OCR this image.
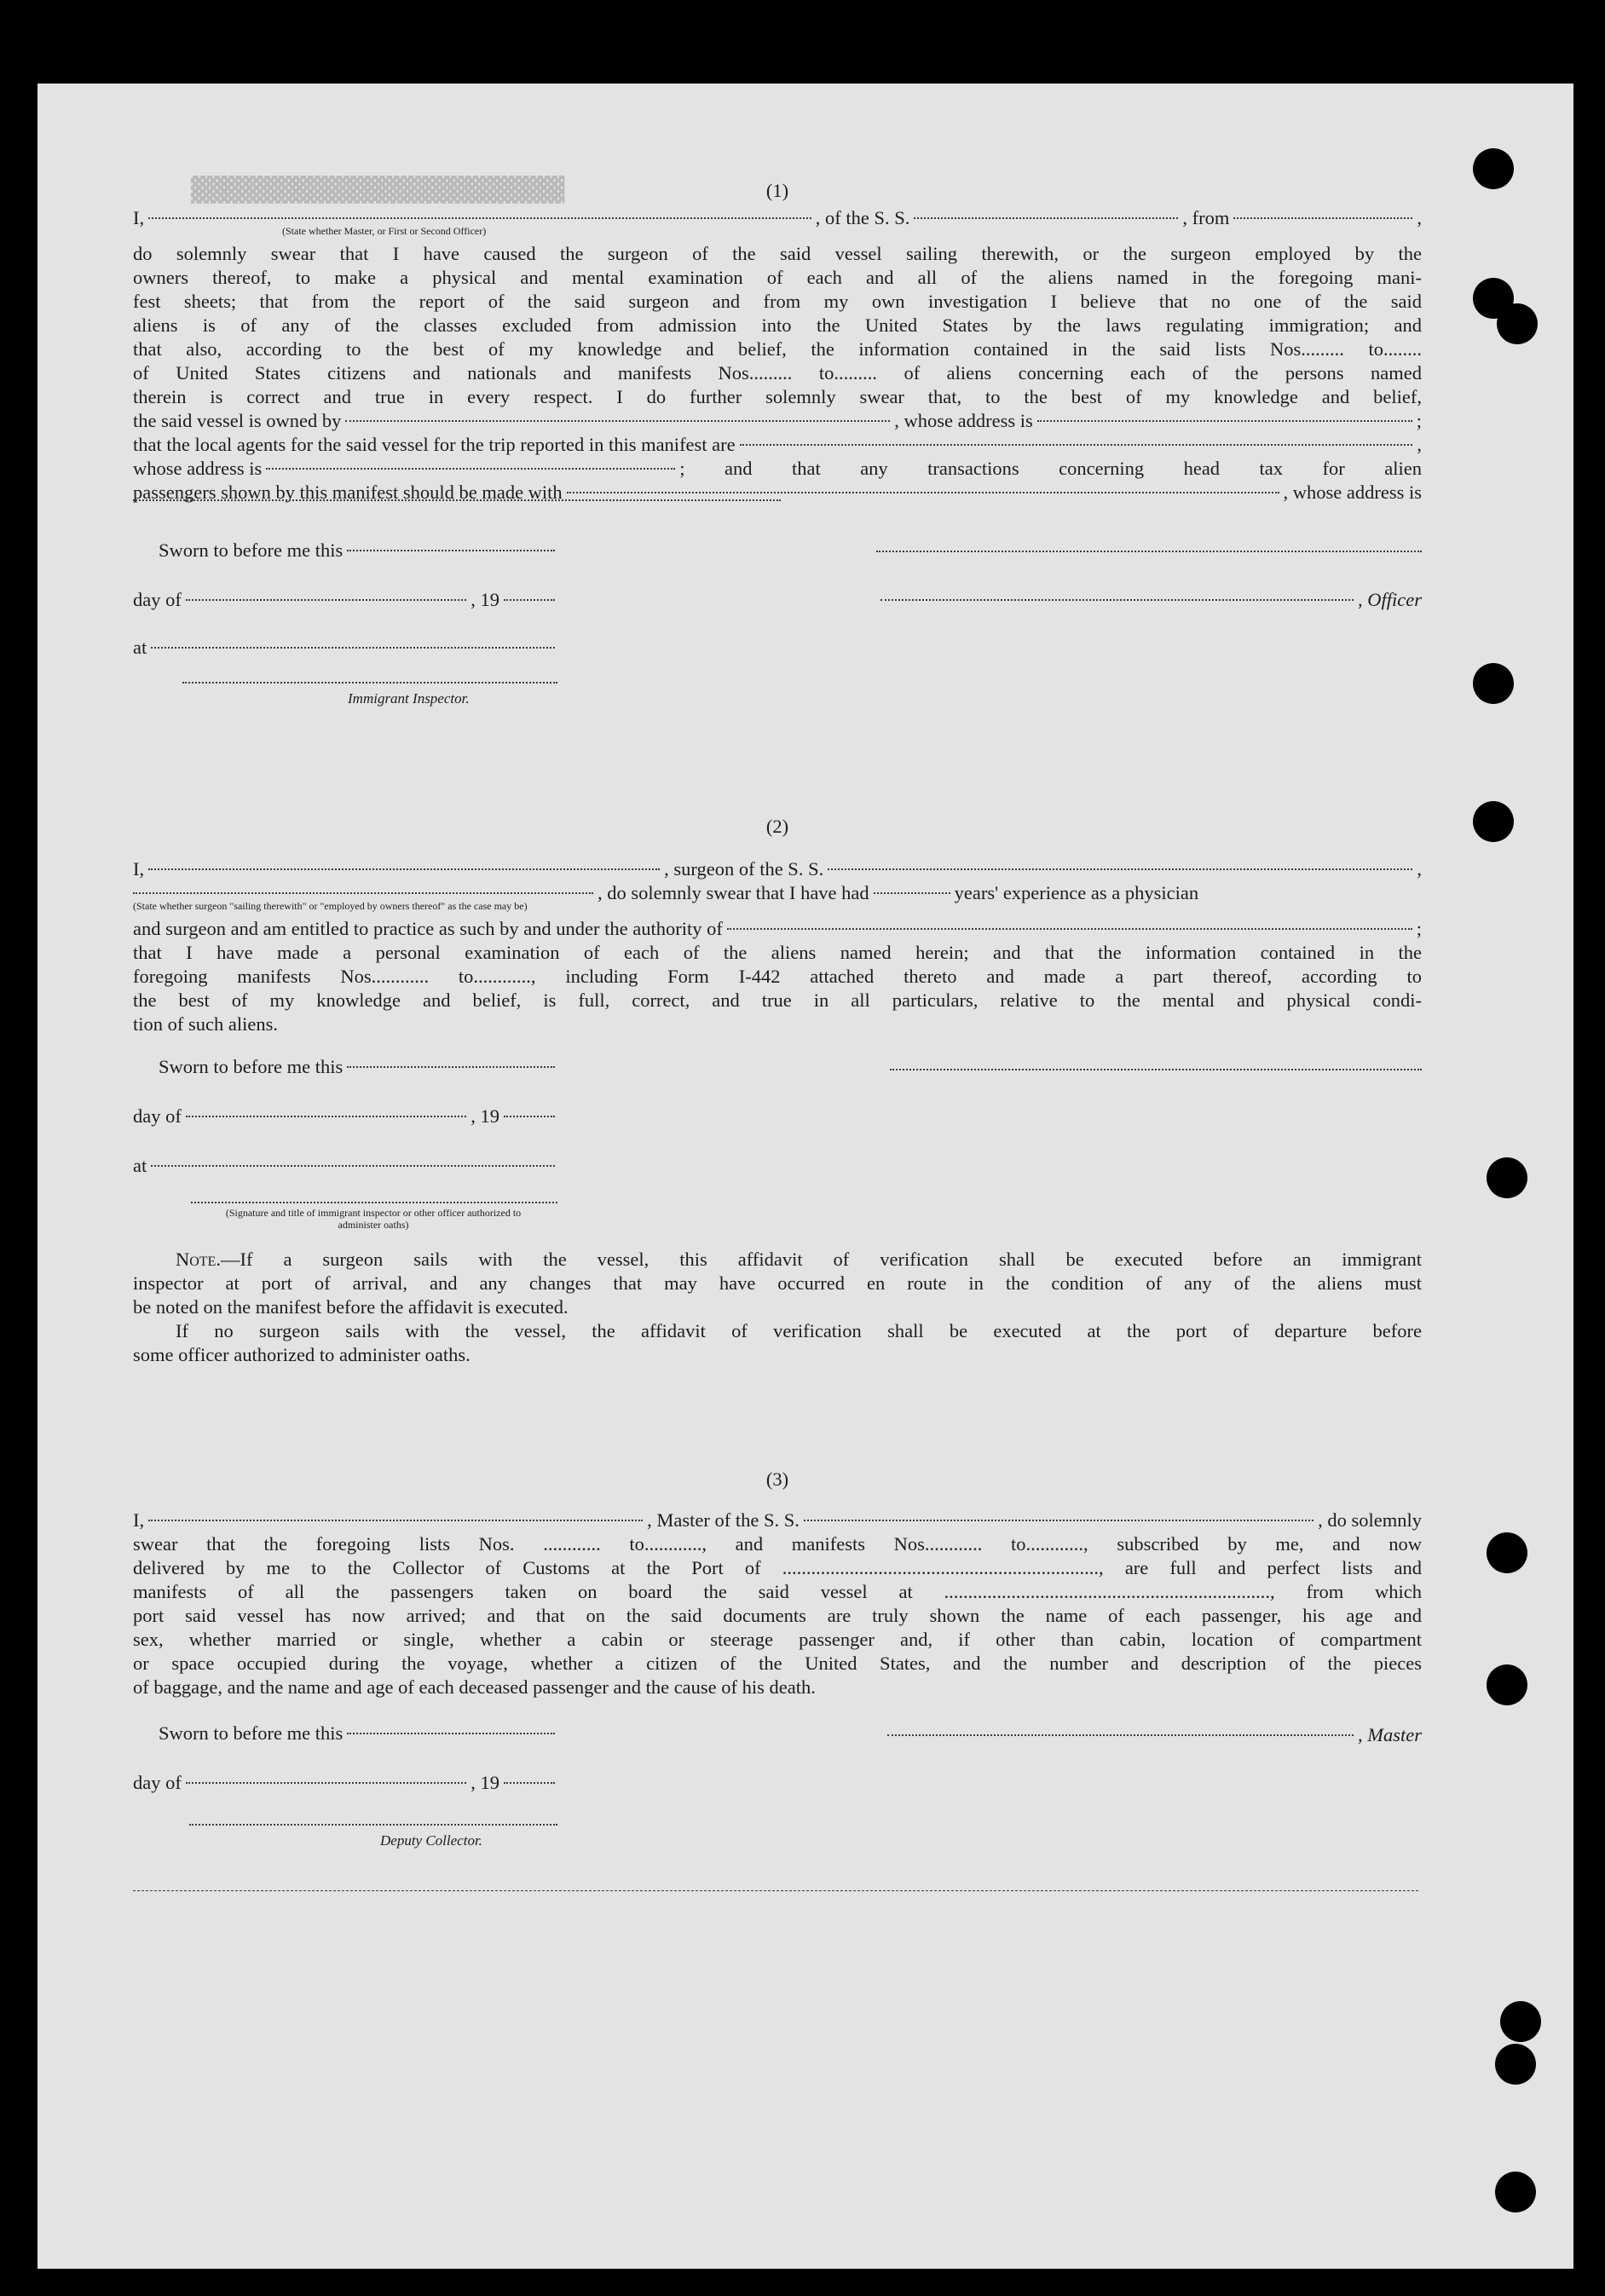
▓▓▓▓▓▓▓▓▓▓▓▓▓▓▓▓▓▓▓▓▓▓▓▓▓▓	(1)

I,	, of the S. S.	, from	,
(State whether Master, or First or Second Officer)

do solemnly swear that I have caused the surgeon of the said vessel sailing therewith, or the surgeon employed by the

owners thereof, to make a physical and mental examination of each and all of the aliens named in the foregoing mani-

fest sheets; that from the report of the said surgeon and from my own investigation I believe that no one of the said

aliens is of any of the classes excluded from admission into the United States by the laws regulating immigration; and

that also, according to the best of my knowledge and belief, the information contained in the said lists Nos......... to........

of United States citizens and nationals and manifests Nos......... to......... of aliens concerning each of the persons named

therein is correct and true in every respect. I do further solemnly swear that, to the best of my knowledge and belief,

the said vessel is owned by	, whose address is	;
that the local agents for the said vessel for the trip reported in this manifest are	,
whose address is	; and that any transactions concerning head tax for alien
passengers shown by this manifest should be made with	, whose address is
Sworn to before me this
day of	, 19
at
Immigrant Inspector.
, Officer

(2)

I,	, surgeon of the S. S.	,
, do solemnly swear that I have had	years' experience as a physician
(State whether surgeon "sailing therewith" or "employed by owners thereof" as the case may be)
and surgeon and am entitled to practice as such by and under the authority of	;

that I have made a personal examination of each of the aliens named herein; and that the information contained in the

foregoing manifests Nos............ to............, including Form I-442 attached thereto and made a part thereof, according to

the best of my knowledge and belief, is full, correct, and true in all particulars, relative to the mental and physical condi-

tion of such aliens.

Sworn to before me this
day of	, 19
at
(Signature and title of immigrant inspector or other officer authorized to administer oaths)

Note.—If a surgeon sails with the vessel, this affidavit of verification shall be executed before an immigrant

inspector at port of arrival, and any changes that may have occurred en route in the condition of any of the aliens must

be noted on the manifest before the affidavit is executed.

If no surgeon sails with the vessel, the affidavit of verification shall be executed at the port of departure before

some officer authorized to administer oaths.

(3)

I,	, Master of the S. S.	, do solemnly

swear that the foregoing lists Nos. ............ to............, and manifests Nos............ to............, subscribed by me, and now

delivered by me to the Collector of Customs at the Port of .................................................................., are full and perfect lists and

manifests of all the passengers taken on board the said vessel at ...................................................................., from which

port said vessel has now arrived; and that on the said documents are truly shown the name of each passenger, his age and

sex, whether married or single, whether a cabin or steerage passenger and, if other than cabin, location of compartment

or space occupied during the voyage, whether a citizen of the United States, and the number and description of the pieces

of baggage, and the name and age of each deceased passenger and the cause of his death.

Sworn to before me this	, Master
day of	, 19
Deputy Collector.
